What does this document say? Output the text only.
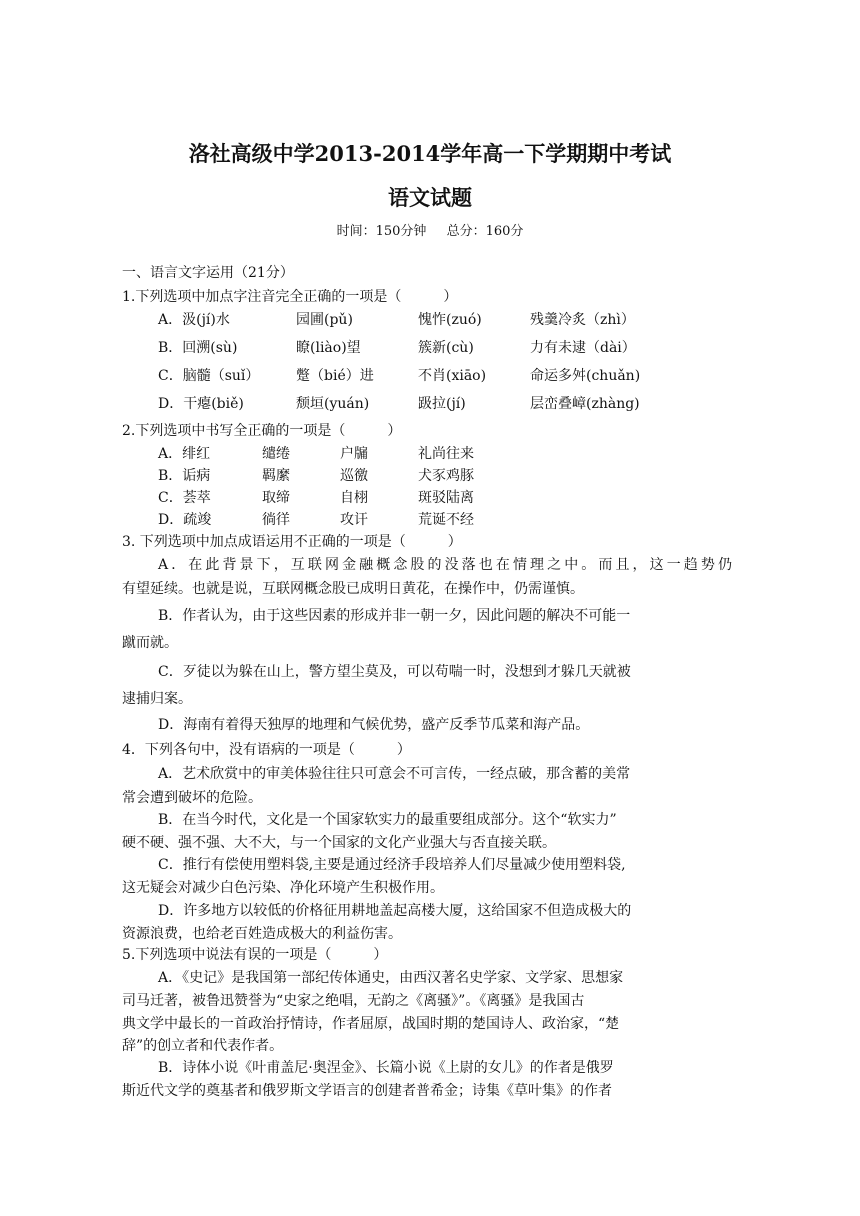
洛社高级中学2013-2014学年高一下学期期中考试
语文试题
时间：150分钟 总分：160分
一、语言文字运用（21分）
1.下列选项中加点字注音完全正确的一项是（　　　）
A．汲(jí)水	园圃(pǔ)	愧怍(zuó)	残羹冷炙（zhì）
B．回溯(sù)	瞭(liào)望	簇新(cù)	力有未逮（dài）
C．脑髓（suǐ）	蹩（bié）进	不肖(xiāo)	命运多舛(chuǎn)
D．干瘪(biě)	颓垣(yuán)	趿拉(jí)	层峦叠嶂(zhàng)
2.下列选项中书写全正确的一项是（　　　）
A．绯红	缱绻	户牖	礼尚往来
B．诟病	羁縻	巡徼	犬豕鸡豚
C．荟萃	取缔	自栩	斑驳陆离
D．疏竣	徜徉	攻讦	荒诞不经
3. 下列选项中加点成语运用不正确的一项是（　　　）
A．在此背景下，互联网金融概念股的没落也在情理之中。而且，这一趋势仍
有望延续。也就是说，互联网概念股已成明日黄花，在操作中，仍需谨慎。
B．作者认为，由于这些因素的形成并非一朝一夕，因此问题的解决不可能一
蹴而就。
C．歹徒以为躲在山上，警方望尘莫及，可以苟喘一时，没想到才躲几天就被
逮捕归案。
D．海南有着得天独厚的地理和气候优势，盛产反季节瓜菜和海产品。
4．下列各句中，没有语病的一项是（　　　）
A．艺术欣赏中的审美体验往往只可意会不可言传，一经点破，那含蓄的美常
常会遭到破坏的危险。
B．在当今时代，文化是一个国家软实力的最重要组成部分。这个“软实力”
硬不硬、强不强、大不大，与一个国家的文化产业强大与否直接关联。
C．推行有偿使用塑料袋,主要是通过经济手段培养人们尽量减少使用塑料袋,
这无疑会对减少白色污染、净化环境产生积极作用。
D．许多地方以较低的价格征用耕地盖起高楼大厦，这给国家不但造成极大的
资源浪费，也给老百姓造成极大的利益伤害。
5.下列选项中说法有误的一项是（　　　）
A．《史记》是我国第一部纪传体通史，由西汉著名史学家、文学家、思想家
司马迁著，被鲁迅赞誉为“史家之绝唱，无韵之《离骚》”。《离骚》是我国古
典文学中最长的一首政治抒情诗，作者屈原，战国时期的楚国诗人、政治家，“楚
辞”的创立者和代表作者。
B．诗体小说《叶甫盖尼·奥涅金》、长篇小说《上尉的女儿》的作者是俄罗
斯近代文学的奠基者和俄罗斯文学语言的创建者普希金；诗集《草叶集》的作者
